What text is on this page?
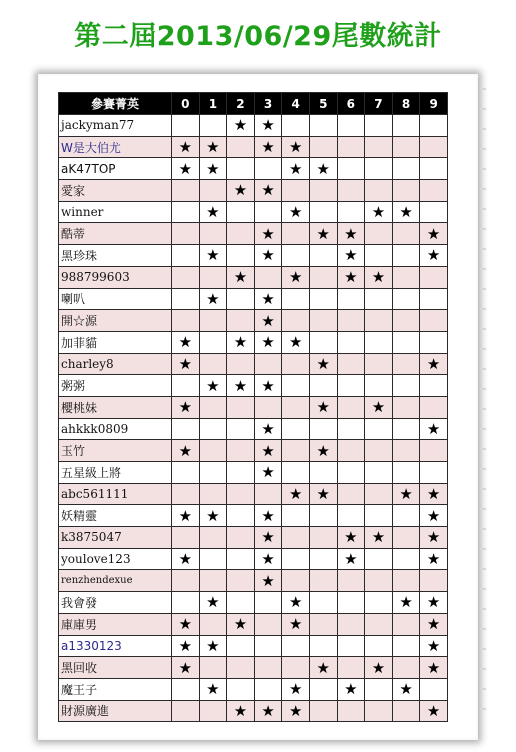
第二屆2013/06/29尾數統計
參賽菁英	0	1	2	3	4	5	6	7	8	9
jackyman77			★	★						
W是大伯尤	★	★		★	★					
aK47TOP	★	★			★	★				
愛家			★	★						
winner		★			★			★	★	
酷蒂				★		★	★			★
黑珍珠		★		★			★			★
988799603			★		★		★	★		
喇叭		★		★						
開☆源				★						
加菲貓	★		★	★	★					
charley8	★					★				★
粥粥		★	★	★						
櫻桃妹	★					★		★		
ahkkk0809				★						★
玉竹	★			★		★				
五星級上將				★						
abc561111					★	★			★	★
妖精靈	★	★		★						★
k3875047				★			★	★		★
youlove123	★			★			★			★
renzhendexue				★						
我會發		★			★				★	★
庫庫男	★		★		★					★
a1330123	★	★								★
黑回收	★					★		★		★
魔王子		★			★		★		★	
財源廣進			★	★	★					★
